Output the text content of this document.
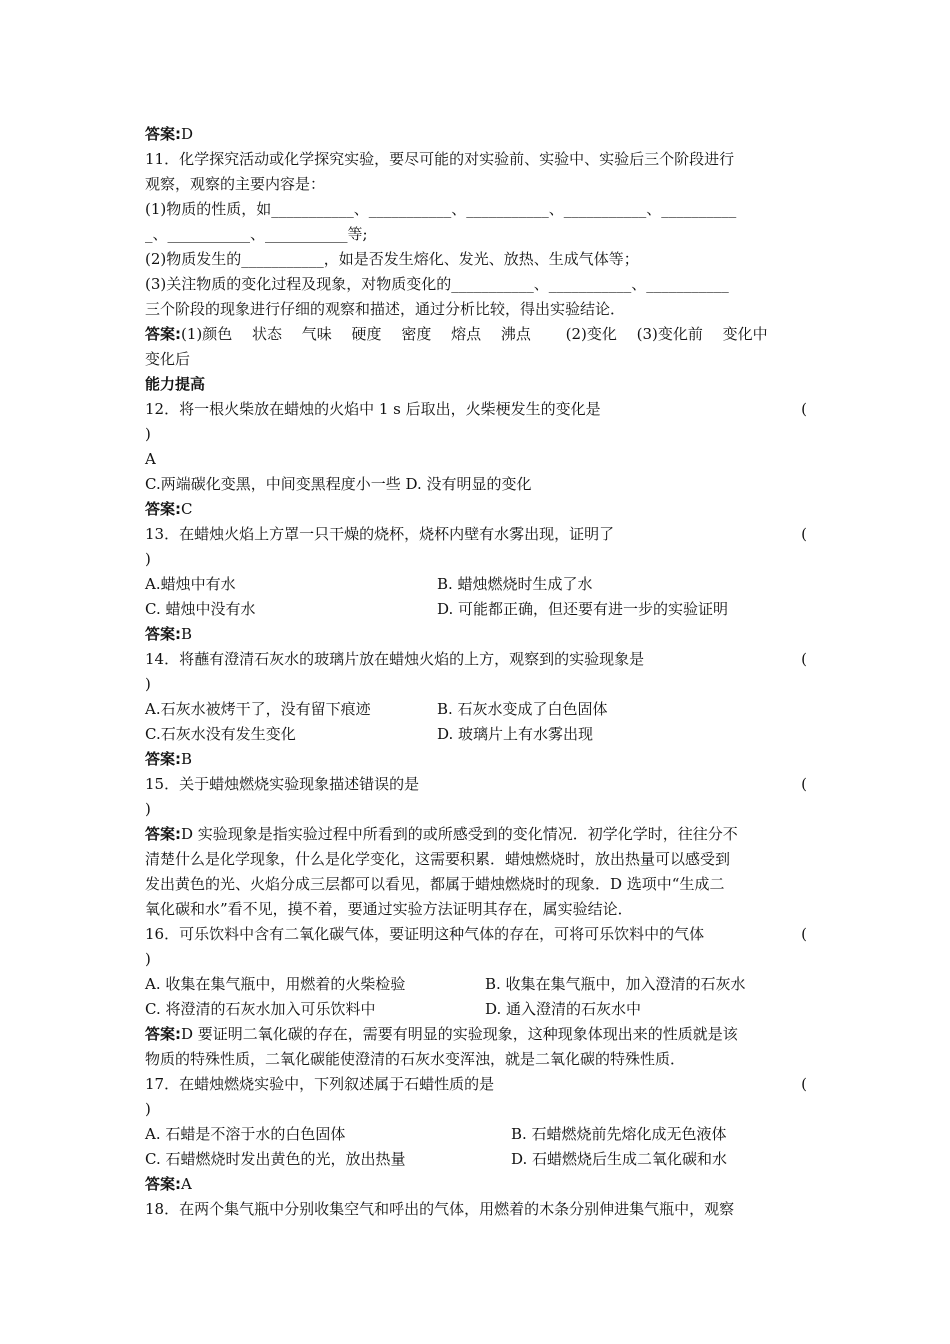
答案:D
11．化学探究活动或化学探究实验，要尽可能的对实验前、实验中、实验后三个阶段进行
观察，观察的主要内容是：
(1)物质的性质，如___________、___________、___________、___________、__________
_、___________、___________等;
(2)物质发生的___________，如是否发生熔化、发光、放热、生成气体等；
(3)关注物质的变化过程及现象，对物质变化的___________、___________、___________
三个阶段的现象进行仔细的观察和描述，通过分析比较，得出实验结论．
答案:(1)颜色　 状态　 气味　 硬度　 密度　 熔点　 沸点　　 (2)变化　 (3)变化前　 变化中
变化后
能力提高
12．将一根火柴放在蜡烛的火焰中 1 s 后取出，火柴梗发生的变化是	(
)
A
C.两端碳化变黑，中间变黑程度小一些 D. 没有明显的变化
答案:C
13．在蜡烛火焰上方罩一只干燥的烧杯，烧杯内壁有水雾出现，证明了	(
)
A.蜡烛中有水	B. 蜡烛燃烧时生成了水
C. 蜡烛中没有水	D. 可能都正确，但还要有进一步的实验证明
答案:B
14．将蘸有澄清石灰水的玻璃片放在蜡烛火焰的上方，观察到的实验现象是	(
)
A.石灰水被烤干了，没有留下痕迹	B. 石灰水变成了白色固体
C.石灰水没有发生变化	D. 玻璃片上有水雾出现
答案:B
15．关于蜡烛燃烧实验现象描述错误的是	(
)
答案:D 实验现象是指实验过程中所看到的或所感受到的变化情况．初学化学时，往往分不
清楚什么是化学现象，什么是化学变化，这需要积累．蜡烛燃烧时，放出热量可以感受到
发出黄色的光、火焰分成三层都可以看见，都属于蜡烛燃烧时的现象．D 选项中“生成二
氧化碳和水”看不见，摸不着，要通过实验方法证明其存在，属实验结论．
16．可乐饮料中含有二氧化碳气体，要证明这种气体的存在，可将可乐饮料中的气体	(
)
A. 收集在集气瓶中，用燃着的火柴检验	B. 收集在集气瓶中，加入澄清的石灰水
C. 将澄清的石灰水加入可乐饮料中	D. 通入澄清的石灰水中
答案:D 要证明二氧化碳的存在，需要有明显的实验现象，这种现象体现出来的性质就是该
物质的特殊性质，二氧化碳能使澄清的石灰水变浑浊，就是二氧化碳的特殊性质．
17．在蜡烛燃烧实验中，下列叙述属于石蜡性质的是	(
)
A. 石蜡是不溶于水的白色固体	B. 石蜡燃烧前先熔化成无色液体
C. 石蜡燃烧时发出黄色的光，放出热量	D. 石蜡燃烧后生成二氧化碳和水
答案:A
18．在两个集气瓶中分别收集空气和呼出的气体，用燃着的木条分别伸进集气瓶中，观察
